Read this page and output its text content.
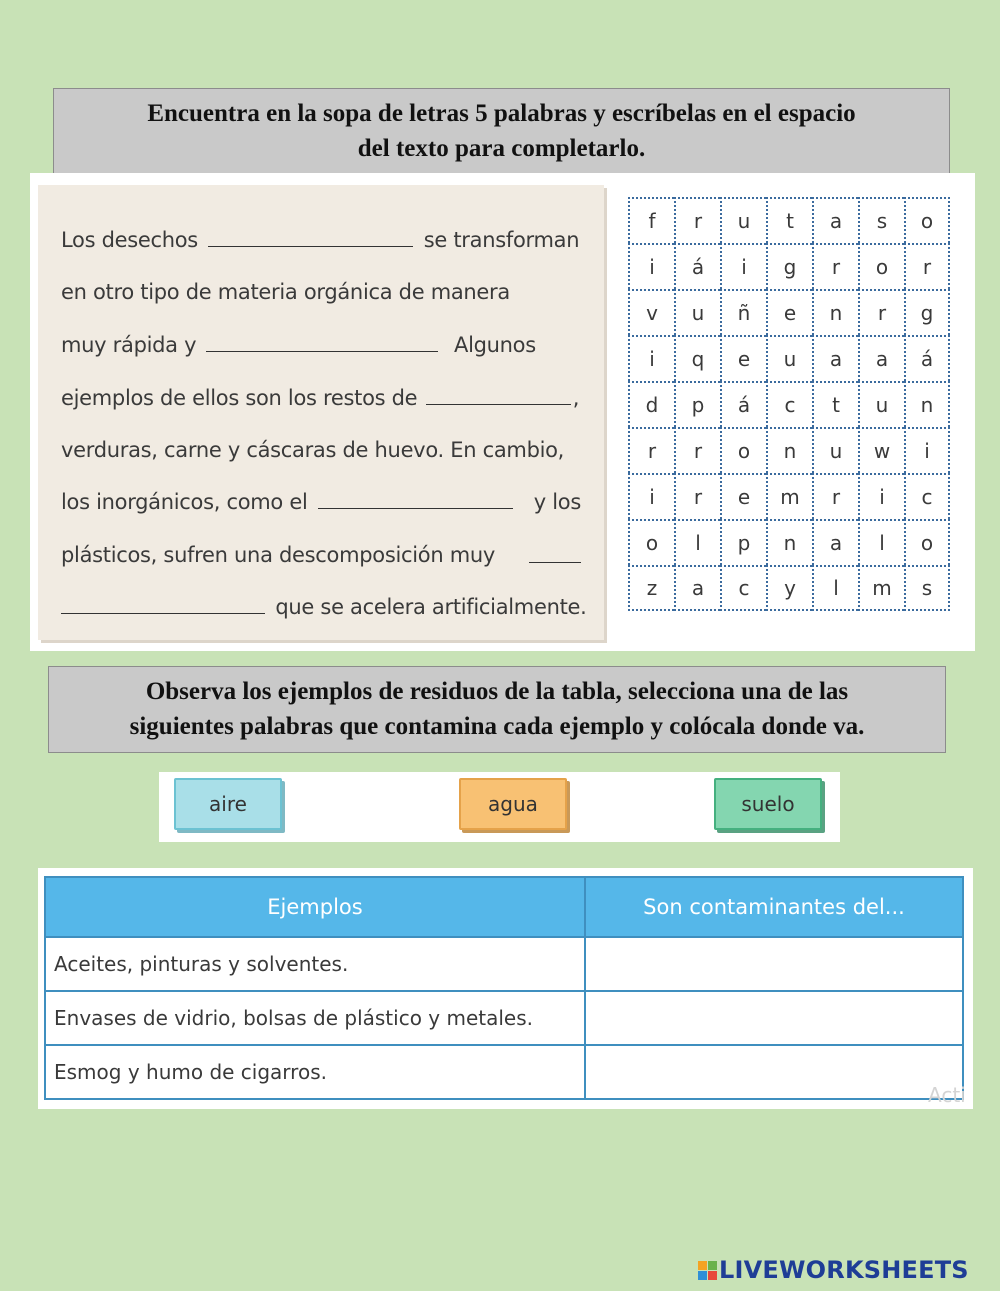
Encuentra en la sopa de letras 5 palabras y escríbelas en el espacio
del texto para completarlo.
Los desechos	se transforman
en otro tipo de materia orgánica de manera
muy rápida y	Algunos
ejemplos de ellos son los restos de	,
verduras, carne y cáscaras de huevo. En cambio,
los inorgánicos, como el	y los
plásticos, sufren una descomposición muy
que se acelera artificialmente.
f	r	u	t	a	s	o
i	á	i	g	r	o	r
v	u	ñ	e	n	r	g
i	q	e	u	a	a	á
d	p	á	c	t	u	n
r	r	o	n	u	w	i
i	r	e	m	r	i	c
o	l	p	n	a	l	o
z	a	c	y	l	m	s
Observa los ejemplos de residuos de la tabla, selecciona una de las
siguientes palabras que contamina cada ejemplo y colócala donde va.
aire	agua	suelo
Ejemplos	Son contaminantes del...
Aceites, pinturas y solventes.	
Envases de vidrio, bolsas de plástico y metales.	
Esmog y humo de cigarros.	
Acti
LIVEWORKSHEETS
